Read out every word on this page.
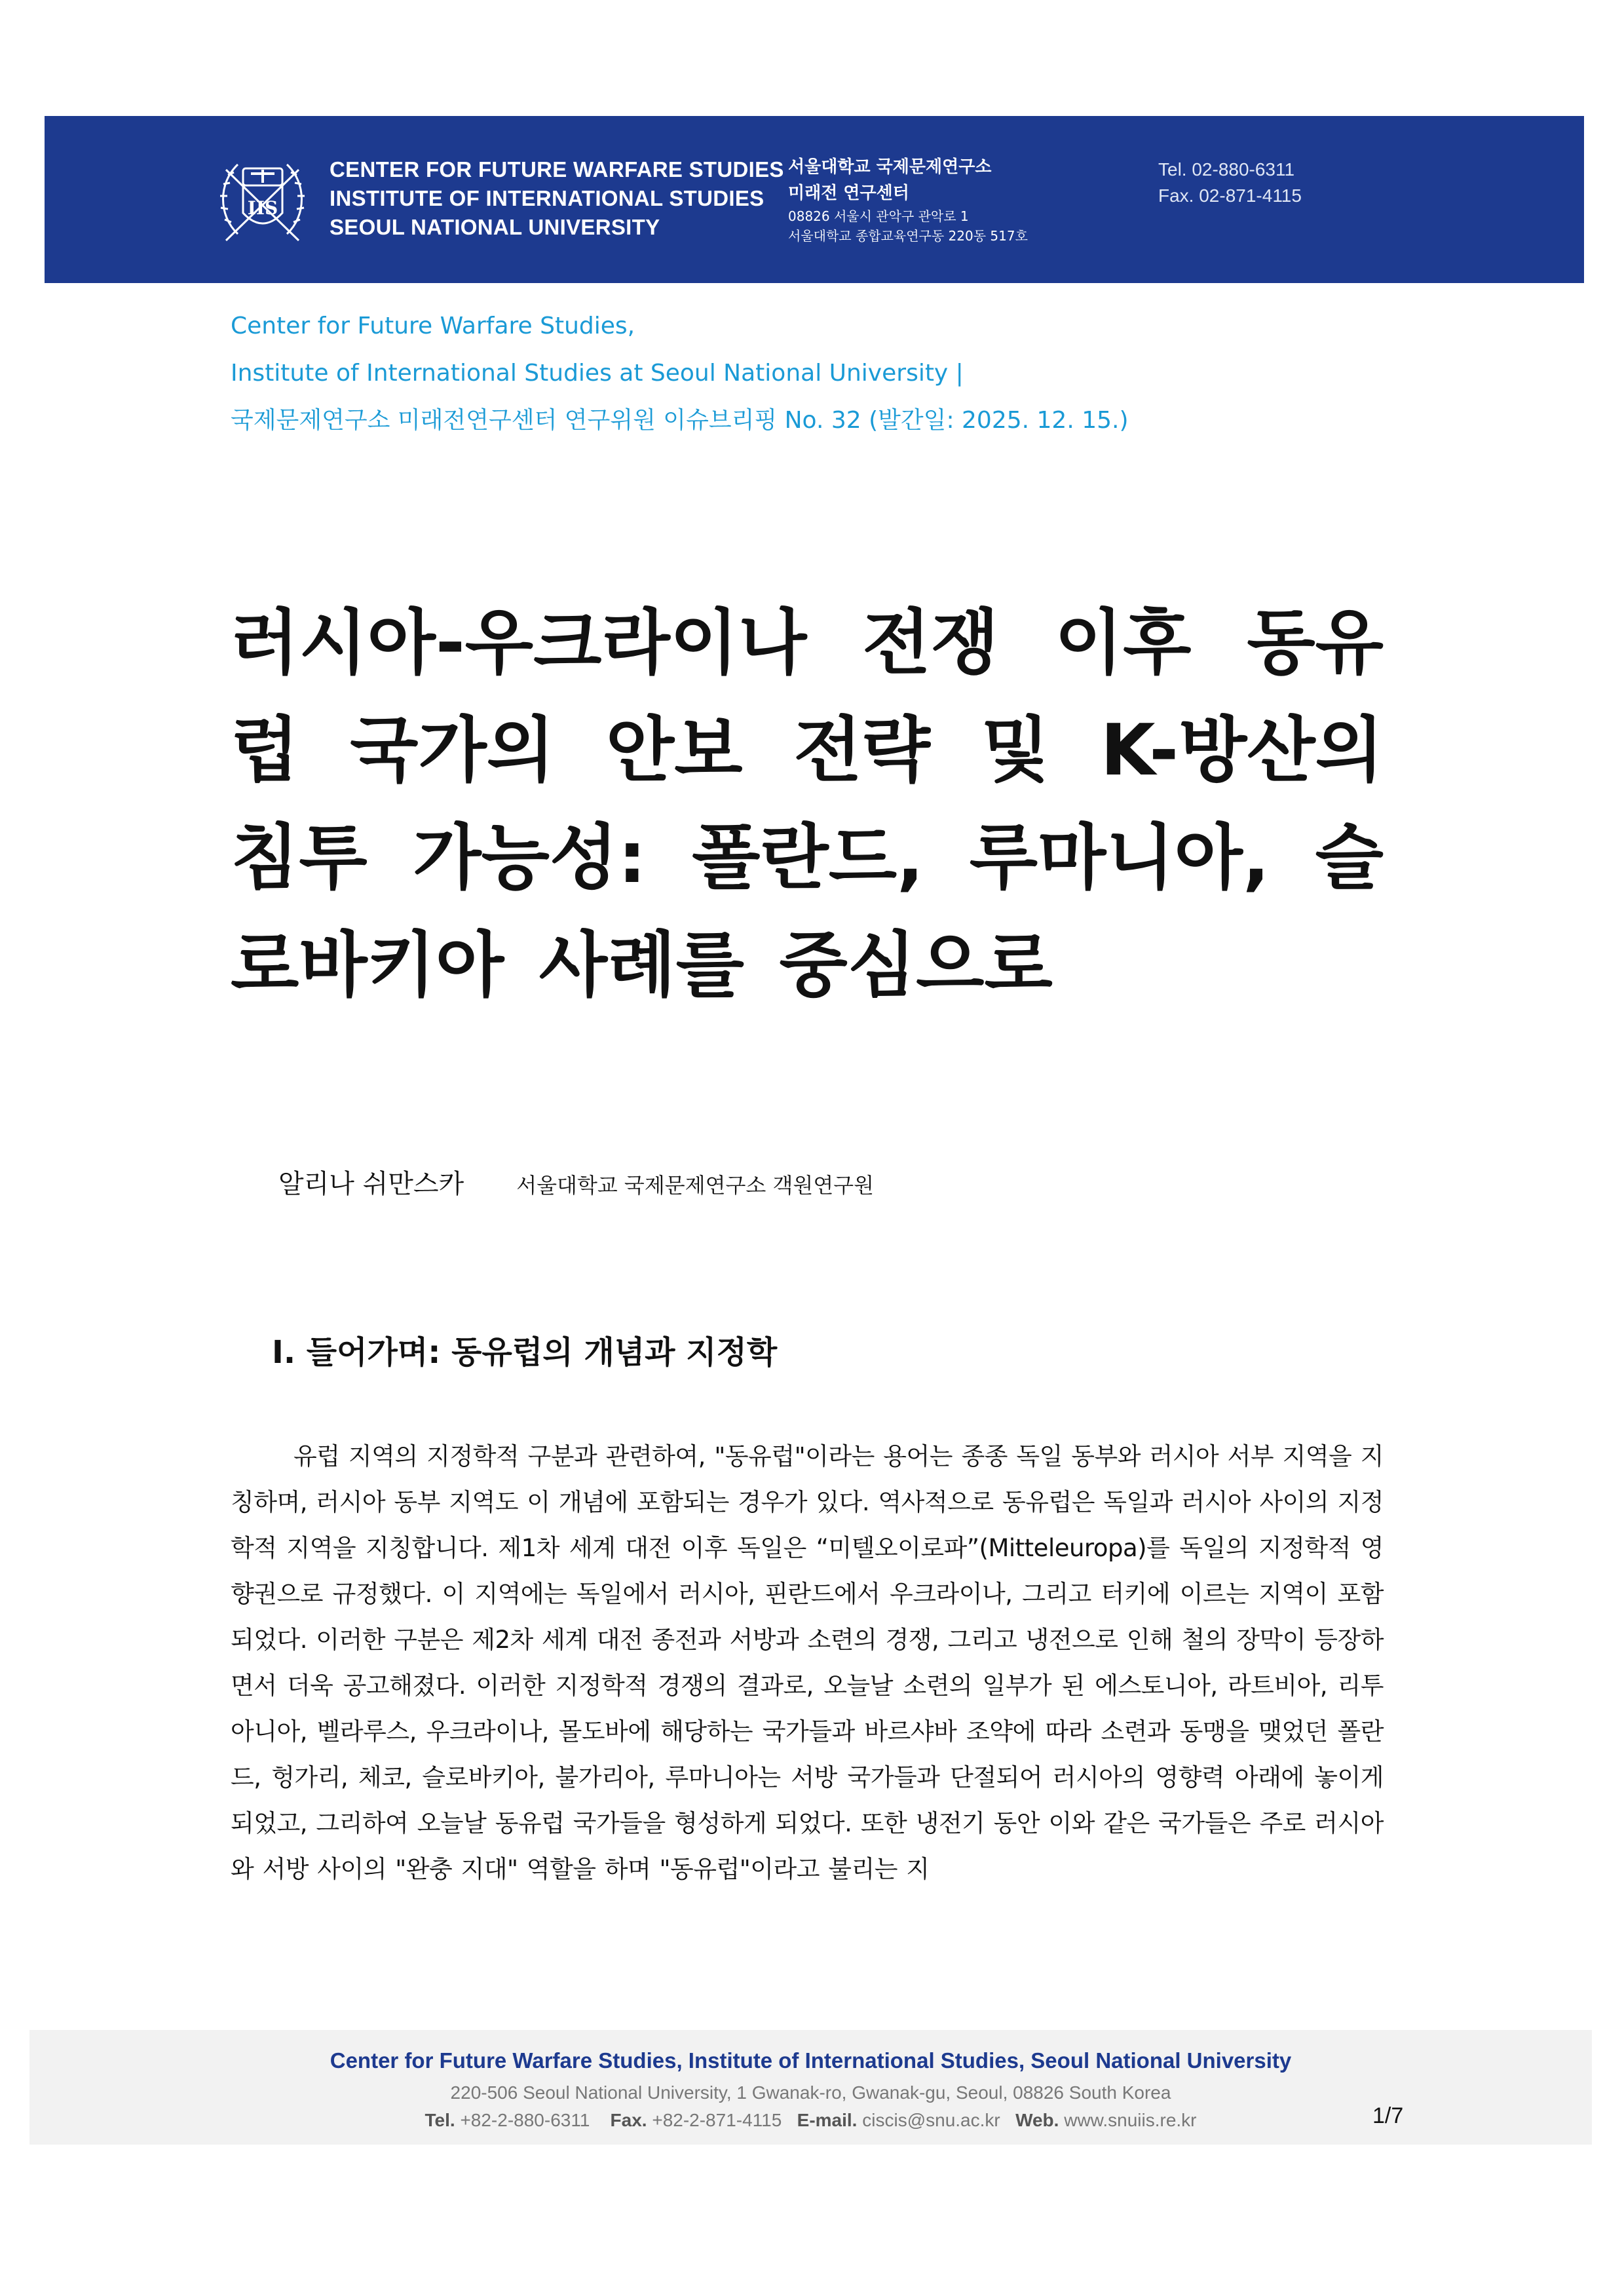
IIS
CENTER FOR FUTURE WARFARE STUDIES
INSTITUTE OF INTERNATIONAL STUDIES
SEOUL NATIONAL UNIVERSITY
서울대학교 국제문제연구소
미래전 연구센터
08826 서울시 관악구 관악로 1
서울대학교 종합교육연구동 220동 517호
Tel. 02-880-6311
Fax. 02-871-4115
Center for Future Warfare Studies,
Institute of International Studies at Seoul National University |
국제문제연구소 미래전연구센터 연구위원 이슈브리핑 No. 32 (발간일: 2025. 12. 15.)
러시아-우크라이나 전쟁 이후 동유럽 국가의 안보 전략 및 K-방산의 침투 가능성: 폴란드, 루마니아, 슬로바키아 사례를 중심으로
알리나 쉬만스카	서울대학교 국제문제연구소 객원연구원
I. 들어가며: 동유럽의 개념과 지정학

유럽 지역의 지정학적 구분과 관련하여, "동유럽"이라는 용어는 종종 독일 동부와 러시아 서부 지역을 지칭하며, 러시아 동부 지역도 이 개념에 포함되는 경우가 있다. 역사적으로 동유럽은 독일과 러시아 사이의 지정학적 지역을 지칭합니다. 제1차 세계 대전 이후 독일은 “미텔오이로파”(Mitteleuropa)를 독일의 지정학적 영향권으로 규정했다. 이 지역에는 독일에서 러시아, 핀란드에서 우크라이나, 그리고 터키에 이르는 지역이 포함되었다. 이러한 구분은 제2차 세계 대전 종전과 서방과 소련의 경쟁, 그리고 냉전으로 인해 철의 장막이 등장하면서 더욱 공고해졌다. 이러한 지정학적 경쟁의 결과로, 오늘날 소련의 일부가 된 에스토니아, 라트비아, 리투아니아, 벨라루스, 우크라이나, 몰도바에 해당하는 국가들과 바르샤바 조약에 따라 소련과 동맹을 맺었던 폴란드, 헝가리, 체코, 슬로바키아, 불가리아, 루마니아는 서방 국가들과 단절되어 러시아의 영향력 아래에 놓이게 되었고, 그리하여 오늘날 동유럽 국가들을 형성하게 되었다. 또한 냉전기 동안 이와 같은 국가들은 주로 러시아와 서방 사이의 "완충 지대" 역할을 하며 "동유럽"이라고 불리는 지

Center for Future Warfare Studies, Institute of International Studies, Seoul National University
220-506 Seoul National University, 1 Gwanak-ro, Gwanak-gu, Seoul, 08826 South Korea
Tel. +82-2-880-6311 Fax. +82-2-871-4115 E-mail. ciscis@snu.ac.kr Web. www.snuiis.re.kr	1/7
